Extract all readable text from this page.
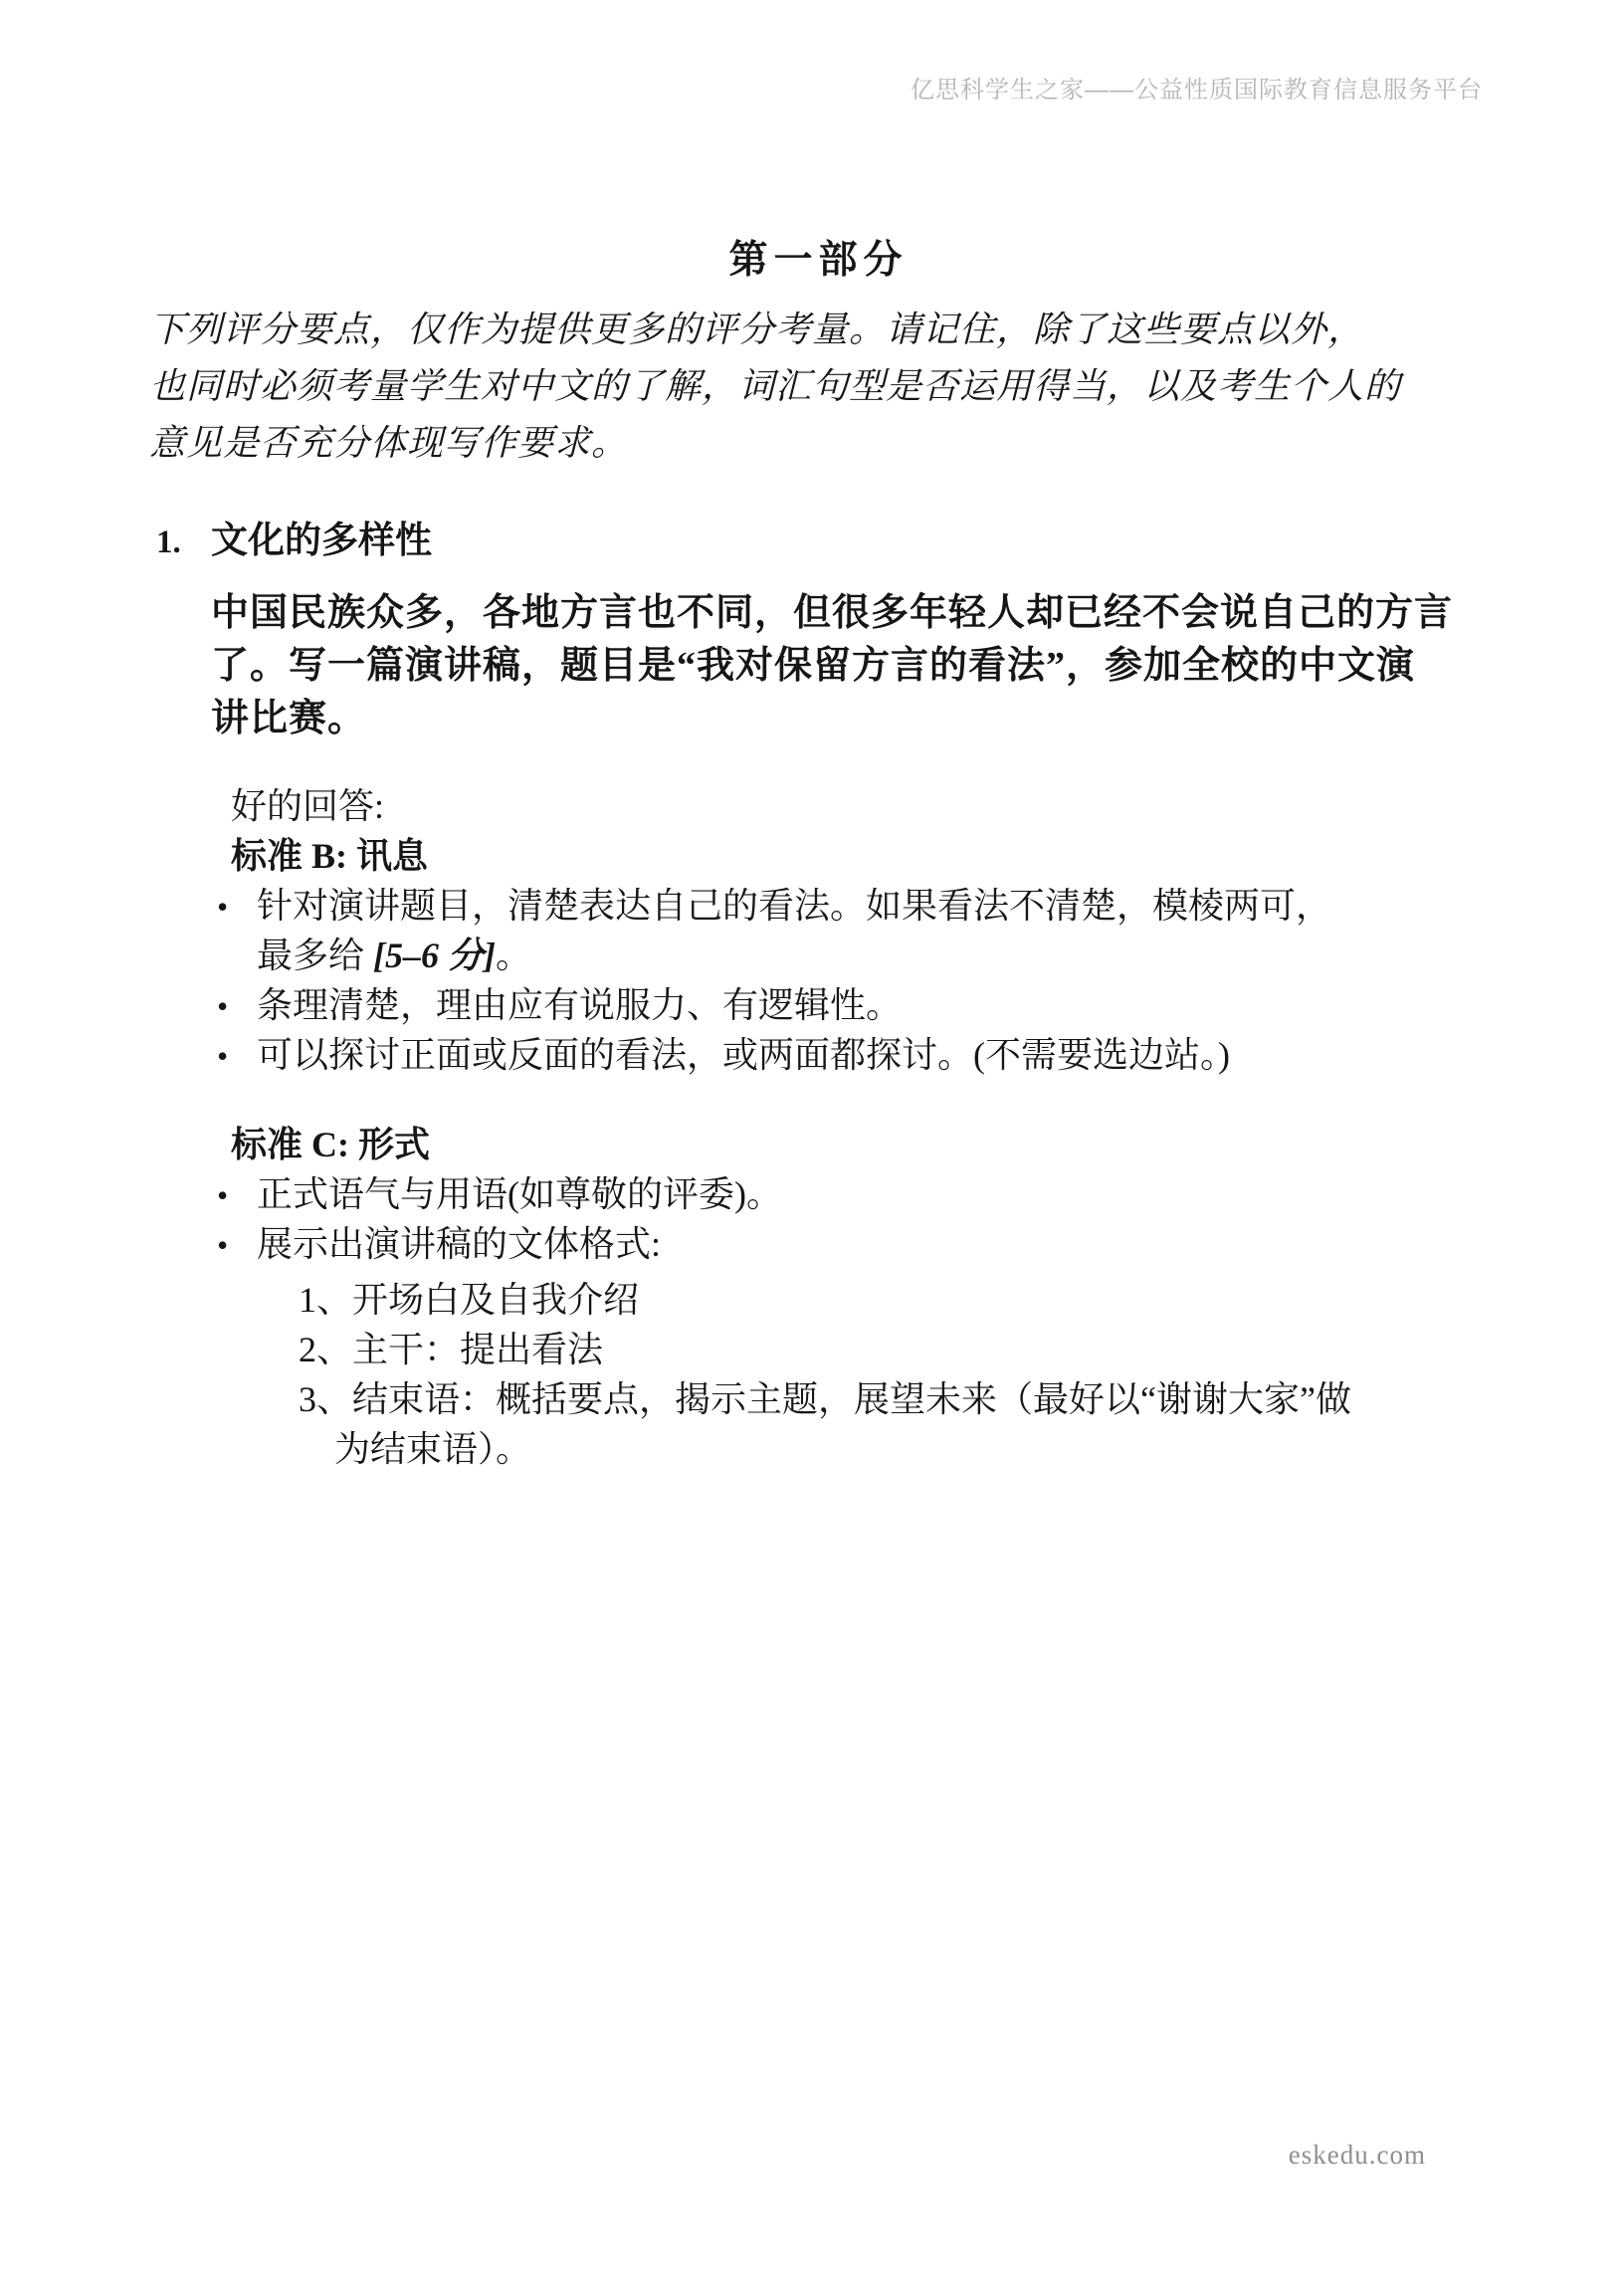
亿思科学生之家——公益性质国际教育信息服务平台
第一部分

下列评分要点，仅作为提供更多的评分考量。请记住，除了这些要点以外，
也同时必须考量学生对中文的了解，词汇句型是否运用得当，以及考生个人的
意见是否充分体现写作要求。

1. 文化的多样性

中国民族众多，各地方言也不同，但很多年轻人却已经不会说自己的方言
了。写一篇演讲稿，题目是“我对保留方言的看法”，参加全校的中文演
讲比赛。

好的回答:

标准 B: 讯息

• 针对演讲题目，清楚表达自己的看法。如果看法不清楚，模棱两可，
最多给 [5–6 分]。
• 条理清楚，理由应有说服力、有逻辑性。
• 可以探讨正面或反面的看法，或两面都探讨。(不需要选边站。)

标准 C: 形式

• 正式语气与用语(如尊敬的评委)。
• 展示出演讲稿的文体格式:
1、开场白及自我介绍
2、主干：提出看法
3、结束语：概括要点，揭示主题，展望未来（最好以“谢谢大家”做
为结束语）。
eskedu.com
